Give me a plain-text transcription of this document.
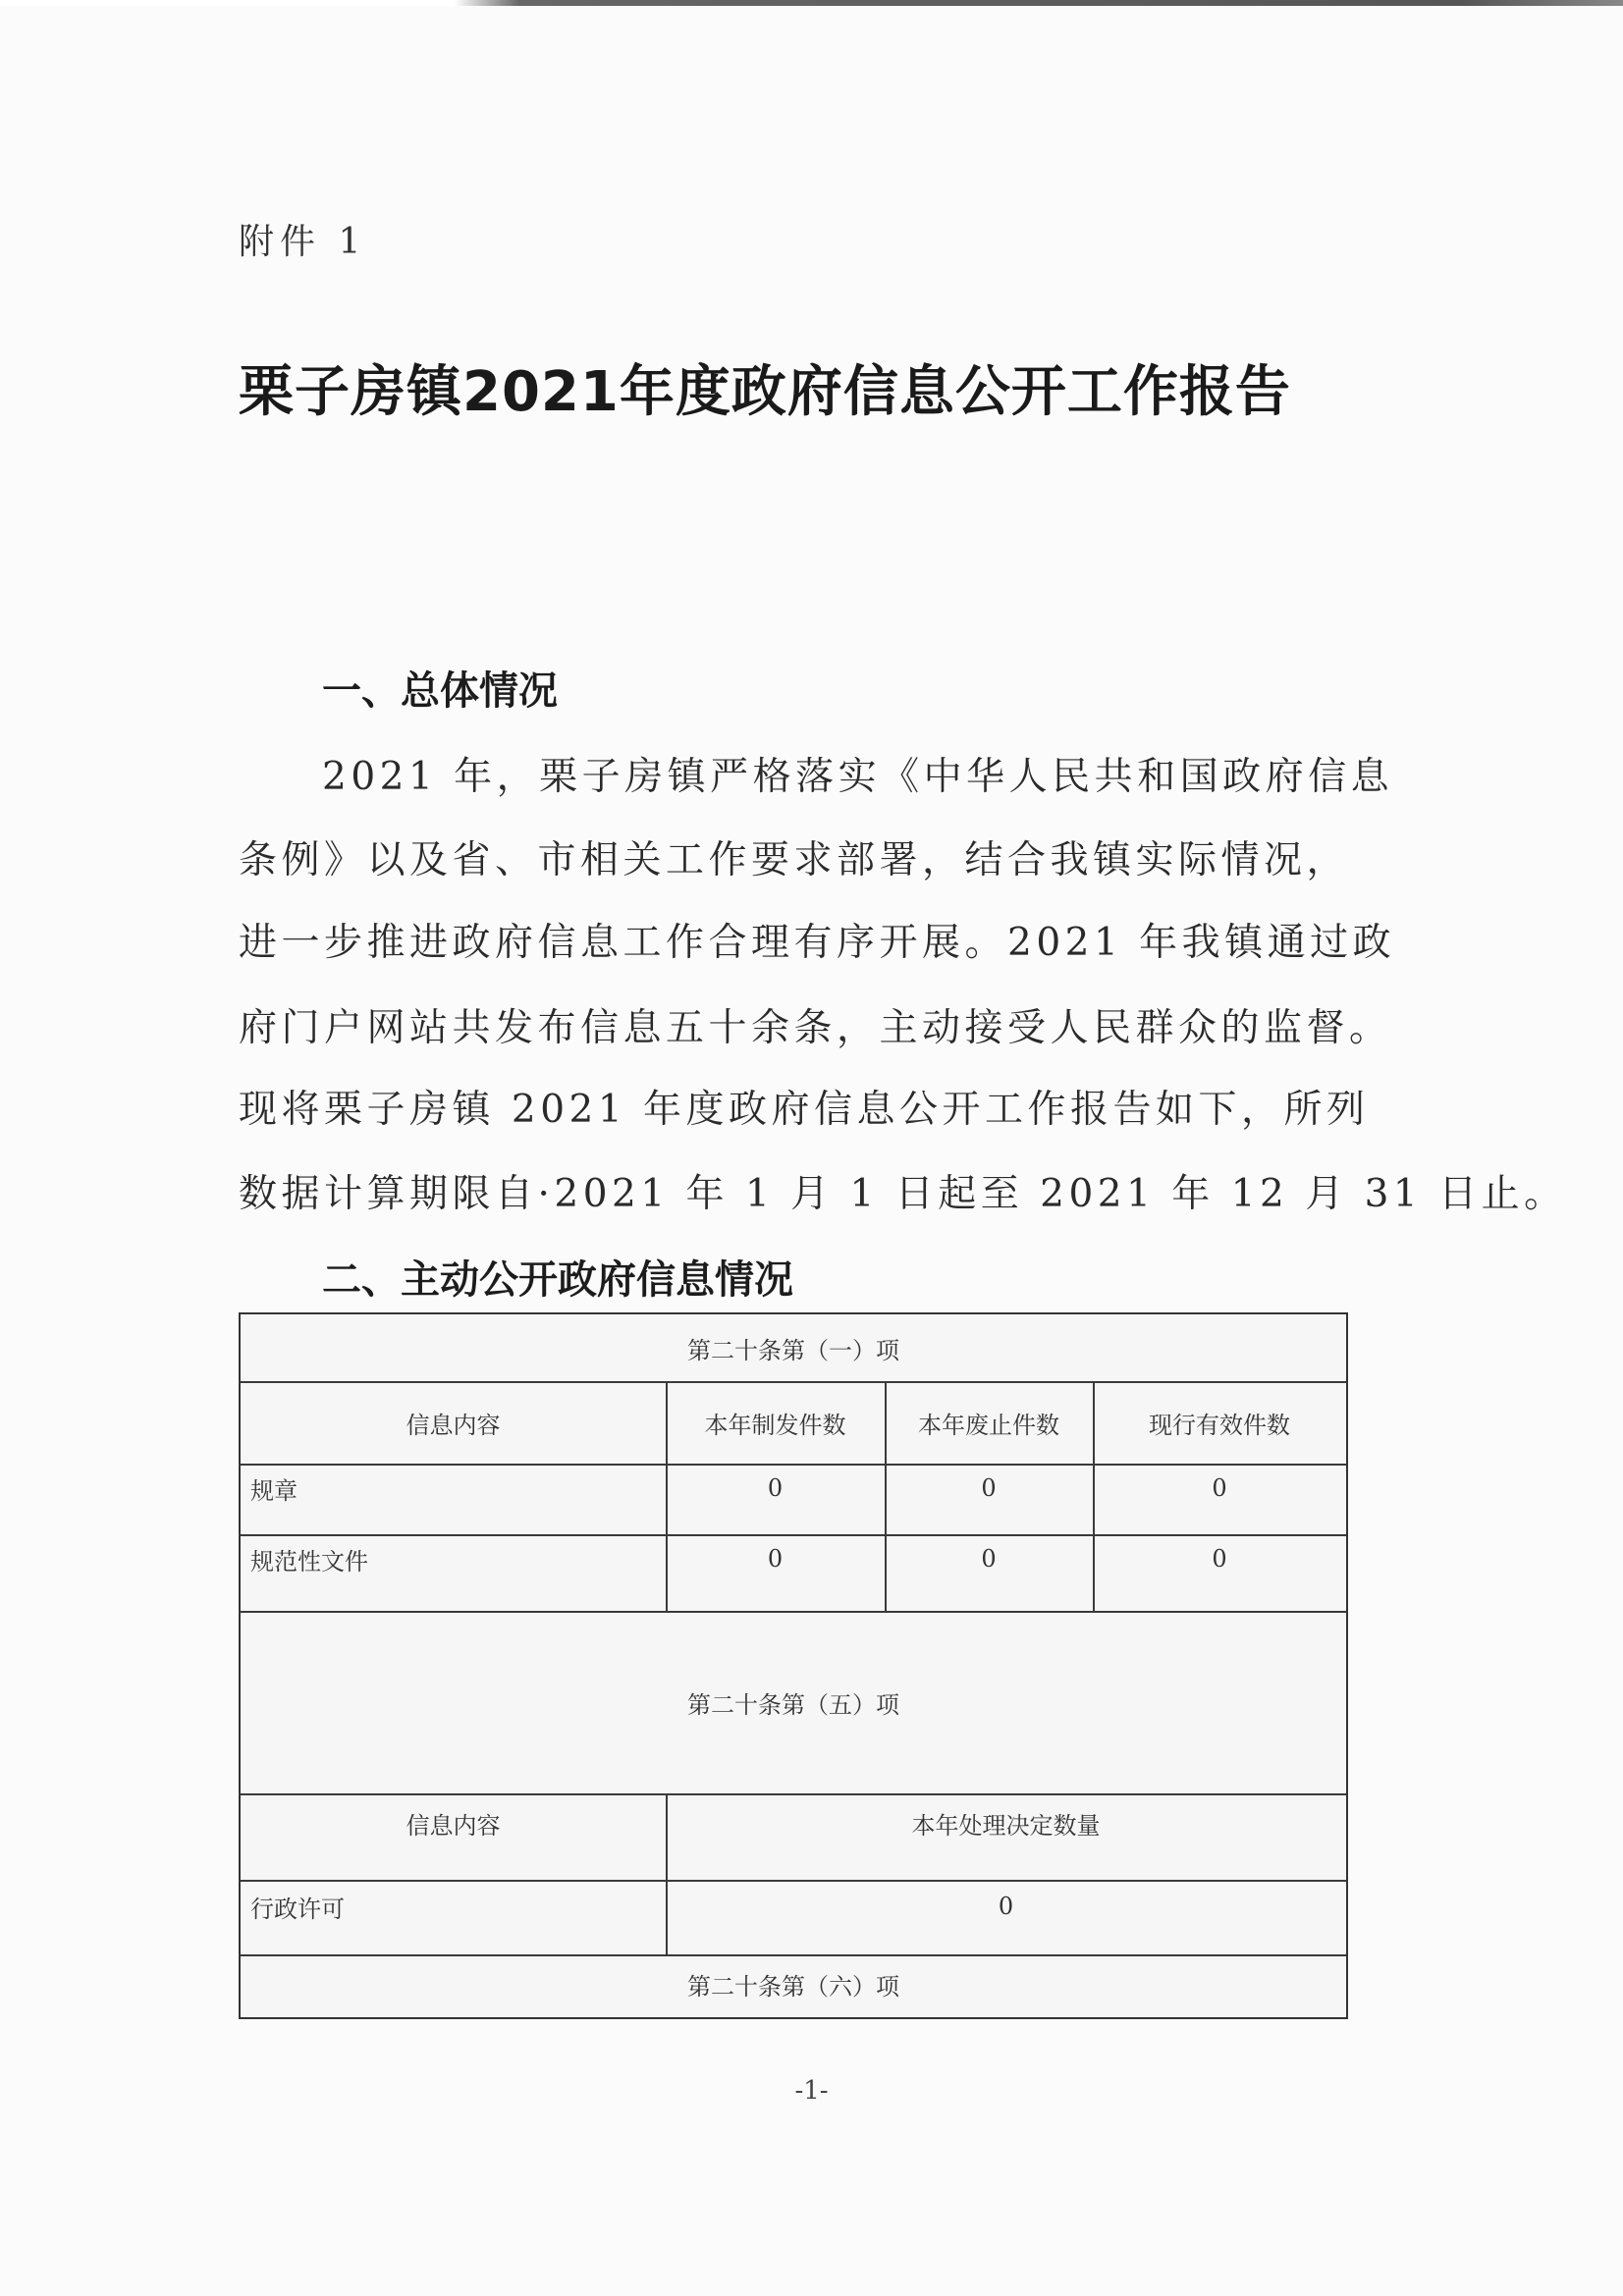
附件 1
栗子房镇2021年度政府信息公开工作报告
一、总体情况
2021 年，栗子房镇严格落实《中华人民共和国政府信息
条例》以及省、市相关工作要求部署，结合我镇实际情况，
进一步推进政府信息工作合理有序开展。2021 年我镇通过政
府门户网站共发布信息五十余条，主动接受人民群众的监督。
现将栗子房镇 2021 年度政府信息公开工作报告如下，所列
数据计算期限自·2021 年 1 月 1 日起至 2021 年 12 月 31 日止。
二、主动公开政府信息情况
第二十条第（一）项
信息内容	本年制发件数	本年废止件数	现行有效件数
规章	0	0	0
规范性文件	0	0	0
第二十条第（五）项
信息内容	本年处理决定数量
行政许可	0
第二十条第（六）项
-1-
